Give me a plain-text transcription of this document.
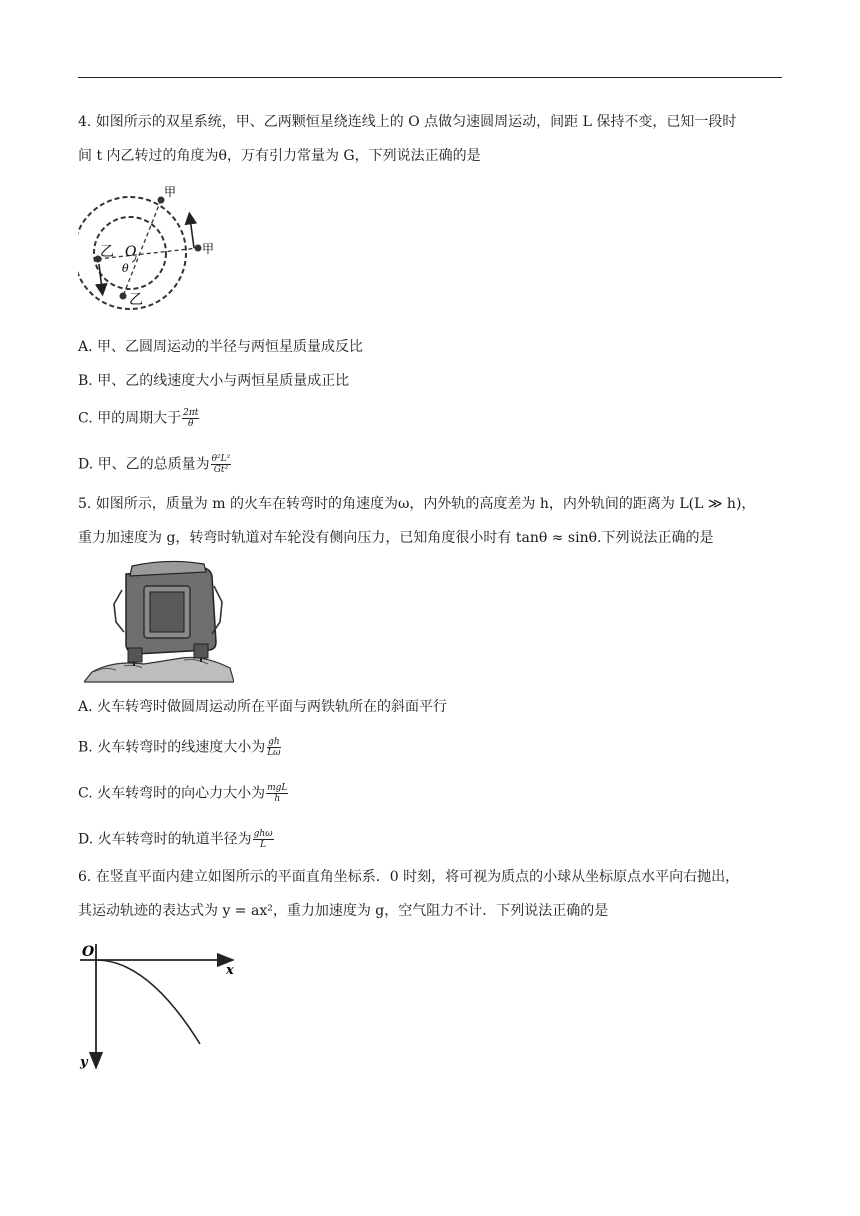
4. 如图所示的双星系统，甲、乙两颗恒星绕连线上的 O 点做匀速圆周运动，间距 L 保持不变，已知一段时
间 t 内乙转过的角度为θ，万有引力常量为 G，下列说法正确的是
甲
甲
乙
乙
O
θ
A. 甲、乙圆周运动的半径与两恒星质量成反比
B. 甲、乙的线速度大小与两恒星质量成正比
C. 甲的周期大于 $\frac{2\pi t}{\theta}$
D. 甲、乙的总质量为 $\frac{\text{θ²L²}}{\text{Gt²}}$
5. 如图所示，质量为 m 的火车在转弯时的角速度为ω，内外轨的高度差为 h，内外轨间的距离为 L(L ≫ h)，
重力加速度为 g，转弯时轨道对车轮没有侧向压力，已知角度很小时有 tanθ ≈ sinθ.下列说法正确的是
A. 火车转弯时做圆周运动所在平面与两铁轨所在的斜面平行
B. 火车转弯时的线速度大小为 $\frac{gh}{L\omega}$
C. 火车转弯时的向心力大小为 $\frac{\text{mgL}}{h}$
D. 火车转弯时的轨道半径为 $\frac{\text{ghω}}{L}$
6. 在竖直平面内建立如图所示的平面直角坐标系．0 时刻，将可视为质点的小球从坐标原点水平向右抛出，
其运动轨迹的表达式为 y = ax²，重力加速度为 g，空气阻力不计．下列说法正确的是
O
x
y
